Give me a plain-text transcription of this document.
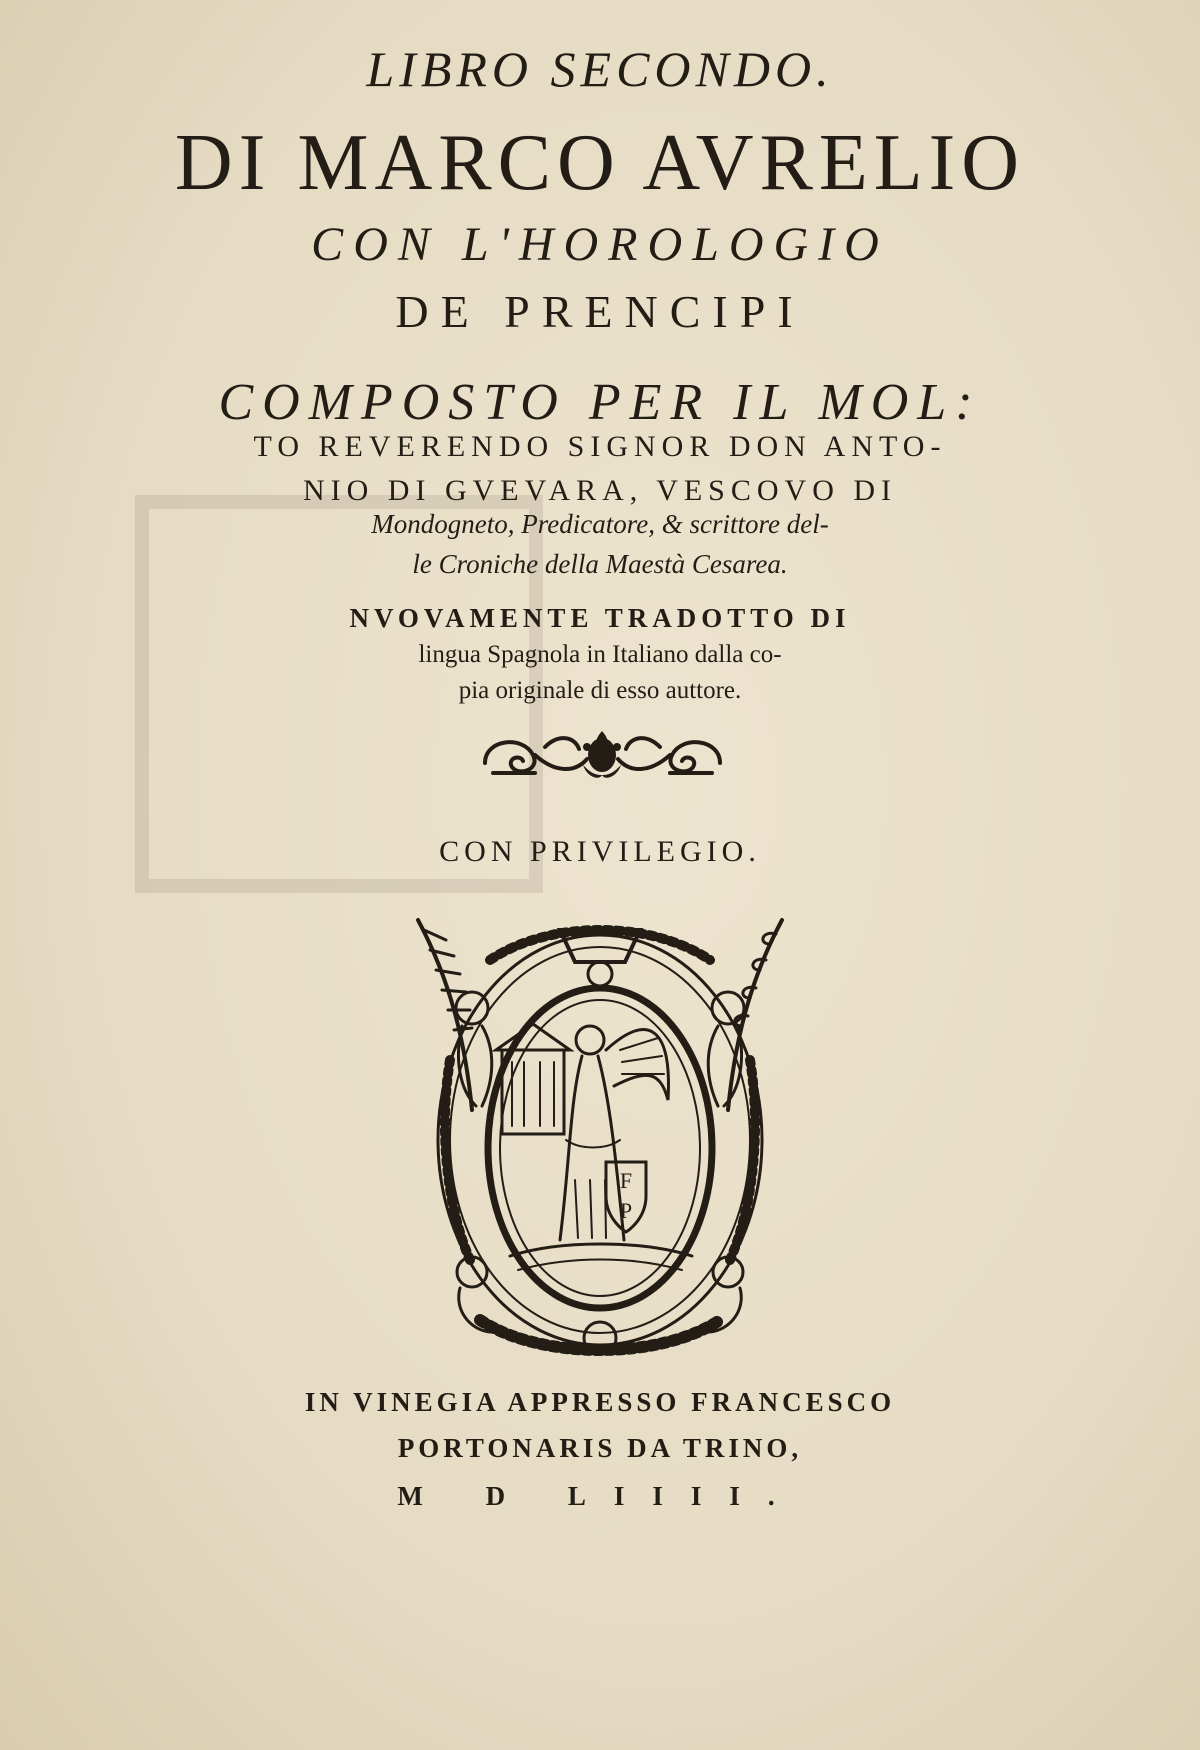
LIBRO SECONDO.
DI MARCO AVRELIO
CON L'HOROLOGIO
DE PRENCIPI
COMPOSTO PER IL MOL:
TO REVERENDO SIGNOR DON ANTO-
NIO DI GVEVARA, VESCOVO DI
Mondogneto, Predicatore, & scrittore del-
le Croniche della Maestà Cesarea.
NVOVAMENTE TRADOTTO DI
lingua Spagnola in Italiano dalla co-
pia originale di esso auttore.
CON PRIVILEGIO.
F
P
IN VINEGIA APPRESSO FRANCESCO
PORTONARIS DA TRINO,
M D LIIII.
